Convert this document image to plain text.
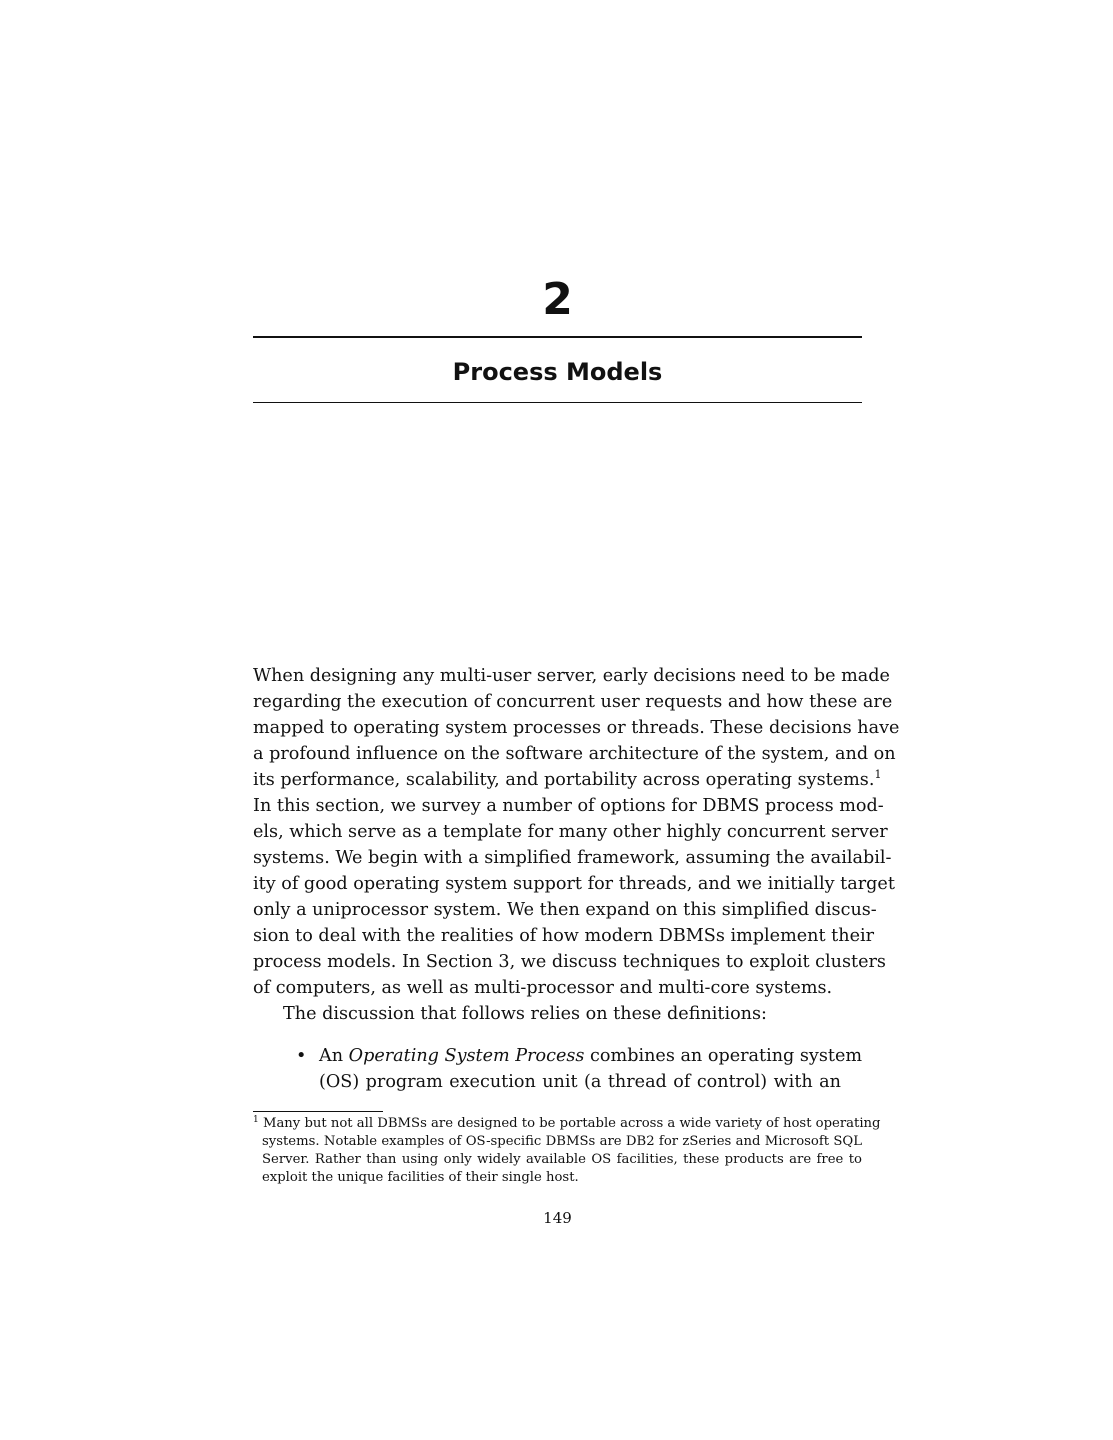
2
Process Models

When designing any multi-user server, early decisions need to be made
regarding the execution of concurrent user requests and how these are
mapped to operating system processes or threads. These decisions have
a profound influence on the software architecture of the system, and on
its performance, scalability, and portability across operating systems.$^1$
In this section, we survey a number of options for DBMS process mod-
els, which serve as a template for many other highly concurrent server
systems. We begin with a simplified framework, assuming the availabil-
ity of good operating system support for threads, and we initially target
only a uniprocessor system. We then expand on this simplified discus-
sion to deal with the realities of how modern DBMSs implement their
process models. In Section 3, we discuss techniques to exploit clusters
of computers, as well as multi-processor and multi-core systems.

The discussion that follows relies on these definitions:

• An Operating System Process combines an operating system
(OS) program execution unit (a thread of control) with an
$^1$ Many but not all DBMSs are designed to be portable across a wide variety of host operating
systems. Notable examples of OS-specific DBMSs are DB2 for zSeries and Microsoft SQL
Server. Rather than using only widely available OS facilities, these products are free to
exploit the unique facilities of their single host.
149
